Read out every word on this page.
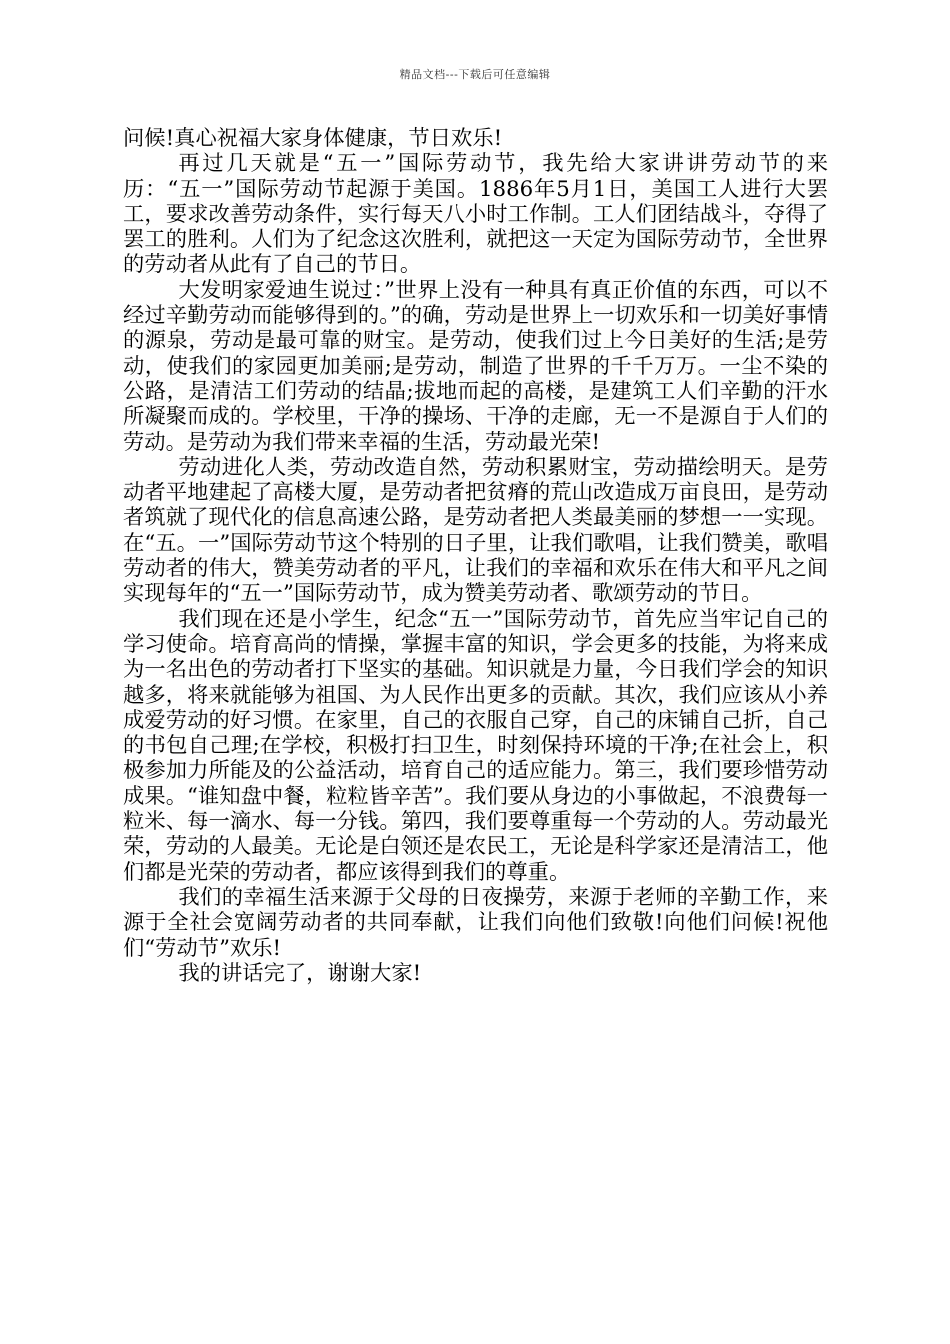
精品文档---下载后可任意编辑

问候!真心祝福大家身体健康，节日欢乐!

再过几天就是“五一”国际劳动节，我先给大家讲讲劳动节的来历：“五一”国际劳动节起源于美国。1886年5月1日，美国工人进行大罢工，要求改善劳动条件，实行每天八小时工作制。工人们团结战斗，夺得了罢工的胜利。人们为了纪念这次胜利，就把这一天定为国际劳动节，全世界的劳动者从此有了自己的节日。

大发明家爱迪生说过：”世界上没有一种具有真正价值的东西，可以不经过辛勤劳动而能够得到的。”的确，劳动是世界上一切欢乐和一切美好事情的源泉，劳动是最可靠的财宝。是劳动，使我们过上今日美好的生活;是劳动，使我们的家园更加美丽;是劳动，制造了世界的千千万万。一尘不染的公路，是清洁工们劳动的结晶;拔地而起的高楼，是建筑工人们辛勤的汗水所凝聚而成的。学校里，干净的操场、干净的走廊，无一不是源自于人们的劳动。是劳动为我们带来幸福的生活，劳动最光荣!

劳动进化人类，劳动改造自然，劳动积累财宝，劳动描绘明天。是劳动者平地建起了高楼大厦，是劳动者把贫瘠的荒山改造成万亩良田，是劳动者筑就了现代化的信息高速公路，是劳动者把人类最美丽的梦想一一实现。在“五。一”国际劳动节这个特别的日子里，让我们歌唱，让我们赞美，歌唱劳动者的伟大，赞美劳动者的平凡，让我们的幸福和欢乐在伟大和平凡之间实现每年的“五一”国际劳动节，成为赞美劳动者、歌颂劳动的节日。

我们现在还是小学生，纪念“五一”国际劳动节，首先应当牢记自己的学习使命。培育高尚的情操，掌握丰富的知识，学会更多的技能，为将来成为一名出色的劳动者打下坚实的基础。知识就是力量，今日我们学会的知识越多，将来就能够为祖国、为人民作出更多的贡献。其次，我们应该从小养成爱劳动的好习惯。在家里，自己的衣服自己穿，自己的床铺自己折，自己的书包自己理;在学校，积极打扫卫生，时刻保持环境的干净;在社会上，积极参加力所能及的公益活动，培育自己的适应能力。第三，我们要珍惜劳动成果。“谁知盘中餐，粒粒皆辛苦”。我们要从身边的小事做起，不浪费每一粒米、每一滴水、每一分钱。第四，我们要尊重每一个劳动的人。劳动最光荣，劳动的人最美。无论是白领还是农民工，无论是科学家还是清洁工，他们都是光荣的劳动者，都应该得到我们的尊重。

我们的幸福生活来源于父母的日夜操劳，来源于老师的辛勤工作，来源于全社会宽阔劳动者的共同奉献，让我们向他们致敬!向他们问候!祝他们“劳动节”欢乐!

我的讲话完了，谢谢大家!
